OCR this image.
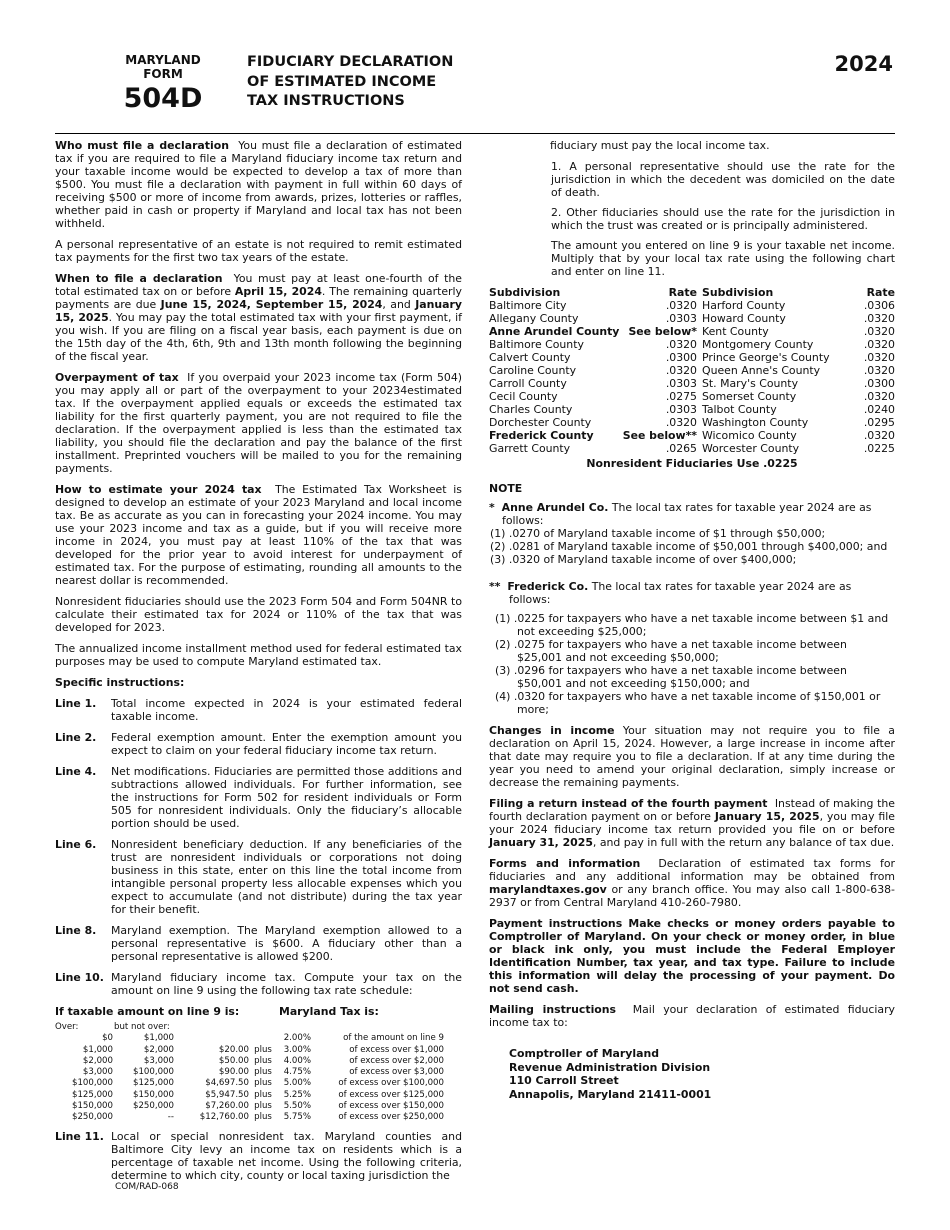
MARYLAND
FORM
504D
FIDUCIARY DECLARATION
OF ESTIMATED INCOME
TAX INSTRUCTIONS
2024

Who must file a declaration You must file a declaration of estimated tax if you are required to file a Maryland fiduciary income tax return and your taxable income would be expected to develop a tax of more than $500. You must file a declaration with payment in full within 60 days of receiving $500 or more of income from awards, prizes, lotteries or raffles, whether paid in cash or property if Maryland and local tax has not been withheld.

A personal representative of an estate is not required to remit estimated tax payments for the first two tax years of the estate.

When to file a declaration You must pay at least one-fourth of the total estimated tax on or before April 15, 2024. The remaining quarterly payments are due June 15, 2024, September 15, 2024, and January 15, 2025. You may pay the total estimated tax with your first payment, if you wish. If you are filing on a fiscal year basis, each payment is due on the 15th day of the 4th, 6th, 9th and 13th month following the beginning of the fiscal year.

Overpayment of tax If you overpaid your 2023 income tax (Form 504) you may apply all or part of the overpayment to your 20234estimated tax. If the overpayment applied equals or exceeds the estimated tax liability for the first quarterly payment, you are not required to file the declaration. If the overpayment applied is less than the estimated tax liability, you should file the declaration and pay the balance of the first installment. Preprinted vouchers will be mailed to you for the remaining payments.

How to estimate your 2024 tax The Estimated Tax Worksheet is designed to develop an estimate of your 2023 Maryland and local income tax. Be as accurate as you can in forecasting your 2024 income. You may use your 2023 income and tax as a guide, but if you will receive more income in 2024, you must pay at least 110% of the tax that was developed for the prior year to avoid interest for underpayment of estimated tax. For the purpose of estimating, rounding all amounts to the nearest dollar is recommended.

Nonresident fiduciaries should use the 2023 Form 504 and Form 504NR to calculate their estimated tax for 2024 or 110% of the tax that was developed for 2023.

The annualized income installment method used for federal estimated tax purposes may be used to compute Maryland estimated tax.

Specific instructions:

Line 1.	Total income expected in 2024 is your estimated federal taxable income.
Line 2.	Federal exemption amount. Enter the exemption amount you expect to claim on your federal fiduciary income tax return.
Line 4.	Net modifications. Fiduciaries are permitted those additions and subtractions allowed individuals. For further information, see the instructions for Form 502 for resident individuals or Form 505 for nonresident individuals. Only the fiduciary’s allocable portion should be used.
Line 6.	Nonresident beneficiary deduction. If any beneficiaries of the trust are nonresident individuals or corporations not doing business in this state, enter on this line the total income from intangible personal property less allocable expenses which you expect to accumulate (and not distribute) during the tax year for their benefit.
Line 8.	Maryland exemption. The Maryland exemption allowed to a personal representative is $600. A fiduciary other than a personal representative is allowed $200.
Line 10. Maryland fiduciary income tax. Compute your tax on the amount on line 9 using the following tax rate schedule:
If taxable amount on line 9 is:	Maryland Tax is:
Over:	but not over:
$0	$1,000			2.00%	of the amount on line 9
$1,000	$2,000	$20.00	plus	3.00%	of excess over $1,000
$2,000	$3,000	$50.00	plus	4.00%	of excess over $2,000
$3,000	$100,000	$90.00	plus	4.75%	of excess over $3,000
$100,000	$125,000	$4,697.50	plus	5.00%	of excess over $100,000
$125,000	$150,000	$5,947.50	plus	5.25%	of excess over $125,000
$150,000	$250,000	$7,260.00	plus	5.50%	of excess over $150,000
$250,000	--	$12,760.00	plus	5.75%	of excess over $250,000
Line 11. Local or special nonresident tax. Maryland counties and Baltimore City levy an income tax on residents which is a percentage of taxable net income. Using the following criteria, determine to which city, county or local taxing jurisdiction the
COM/RAD-068

fiduciary must pay the local income tax.

1. A personal representative should use the rate for the jurisdiction in which the decedent was domiciled on the date of death.

2. Other fiduciaries should use the rate for the jurisdiction in which the trust was created or is principally administered.

The amount you entered on line 9 is your taxable net income. Multiply that by your local tax rate using the following chart and enter on line 11.

Subdivision	Rate	Subdivision	Rate
Baltimore City	.0320	Harford County	.0306
Allegany County	.0303	Howard County	.0320
Anne Arundel County	See below*	Kent County	.0320
Baltimore County	.0320	Montgomery County	.0320
Calvert County	.0300	Prince George's County	.0320
Caroline County	.0320	Queen Anne's County	.0320
Carroll County	.0303	St. Mary's County	.0300
Cecil County	.0275	Somerset County	.0320
Charles County	.0303	Talbot County	.0240
Dorchester County	.0320	Washington County	.0295
Frederick County	See below**	Wicomico County	.0320
Garrett County	.0265	Worcester County	.0225
Nonresident Fiduciaries Use .0225
NOTE
* Anne Arundel Co. The local tax rates for taxable year 2024 are as follows:
(1) .0270 of Maryland taxable income of $1 through $50,000;
(2) .0281 of Maryland taxable income of $50,001 through $400,000; and
(3) .0320 of Maryland taxable income of over $400,000;
** Frederick Co. The local tax rates for taxable year 2024 are as follows:
(1) .0225 for taxpayers who have a net taxable income between $1 and not exceeding $25,000;
(2) .0275 for taxpayers who have a net taxable income between $25,001 and not exceeding $50,000;
(3) .0296 for taxpayers who have a net taxable income between $50,001 and not exceeding $150,000; and
(4) .0320 for taxpayers who have a net taxable income of $150,001 or more;

Changes in income Your situation may not require you to file a declaration on April 15, 2024. However, a large increase in income after that date may require you to file a declaration. If at any time during the year you need to amend your original declaration, simply increase or decrease the remaining payments.

Filing a return instead of the fourth payment Instead of making the fourth declaration payment on or before January 15, 2025, you may file your 2024 fiduciary income tax return provided you file on or before January 31, 2025, and pay in full with the return any balance of tax due.

Forms and information Declaration of estimated tax forms for fiduciaries and any additional information may be obtained from marylandtaxes.gov or any branch office. You may also call 1-800-638-2937 or from Central Maryland 410-260-7980.

Payment instructions Make checks or money orders payable to Comptroller of Maryland. On your check or money order, in blue or black ink only, you must include the Federal Employer Identification Number, tax year, and tax type. Failure to include this information will delay the processing of your payment. Do not send cash.

Mailing instructions Mail your declaration of estimated fiduciary income tax to:

Comptroller of Maryland
Revenue Administration Division
110 Carroll Street
Annapolis, Maryland 21411-0001
